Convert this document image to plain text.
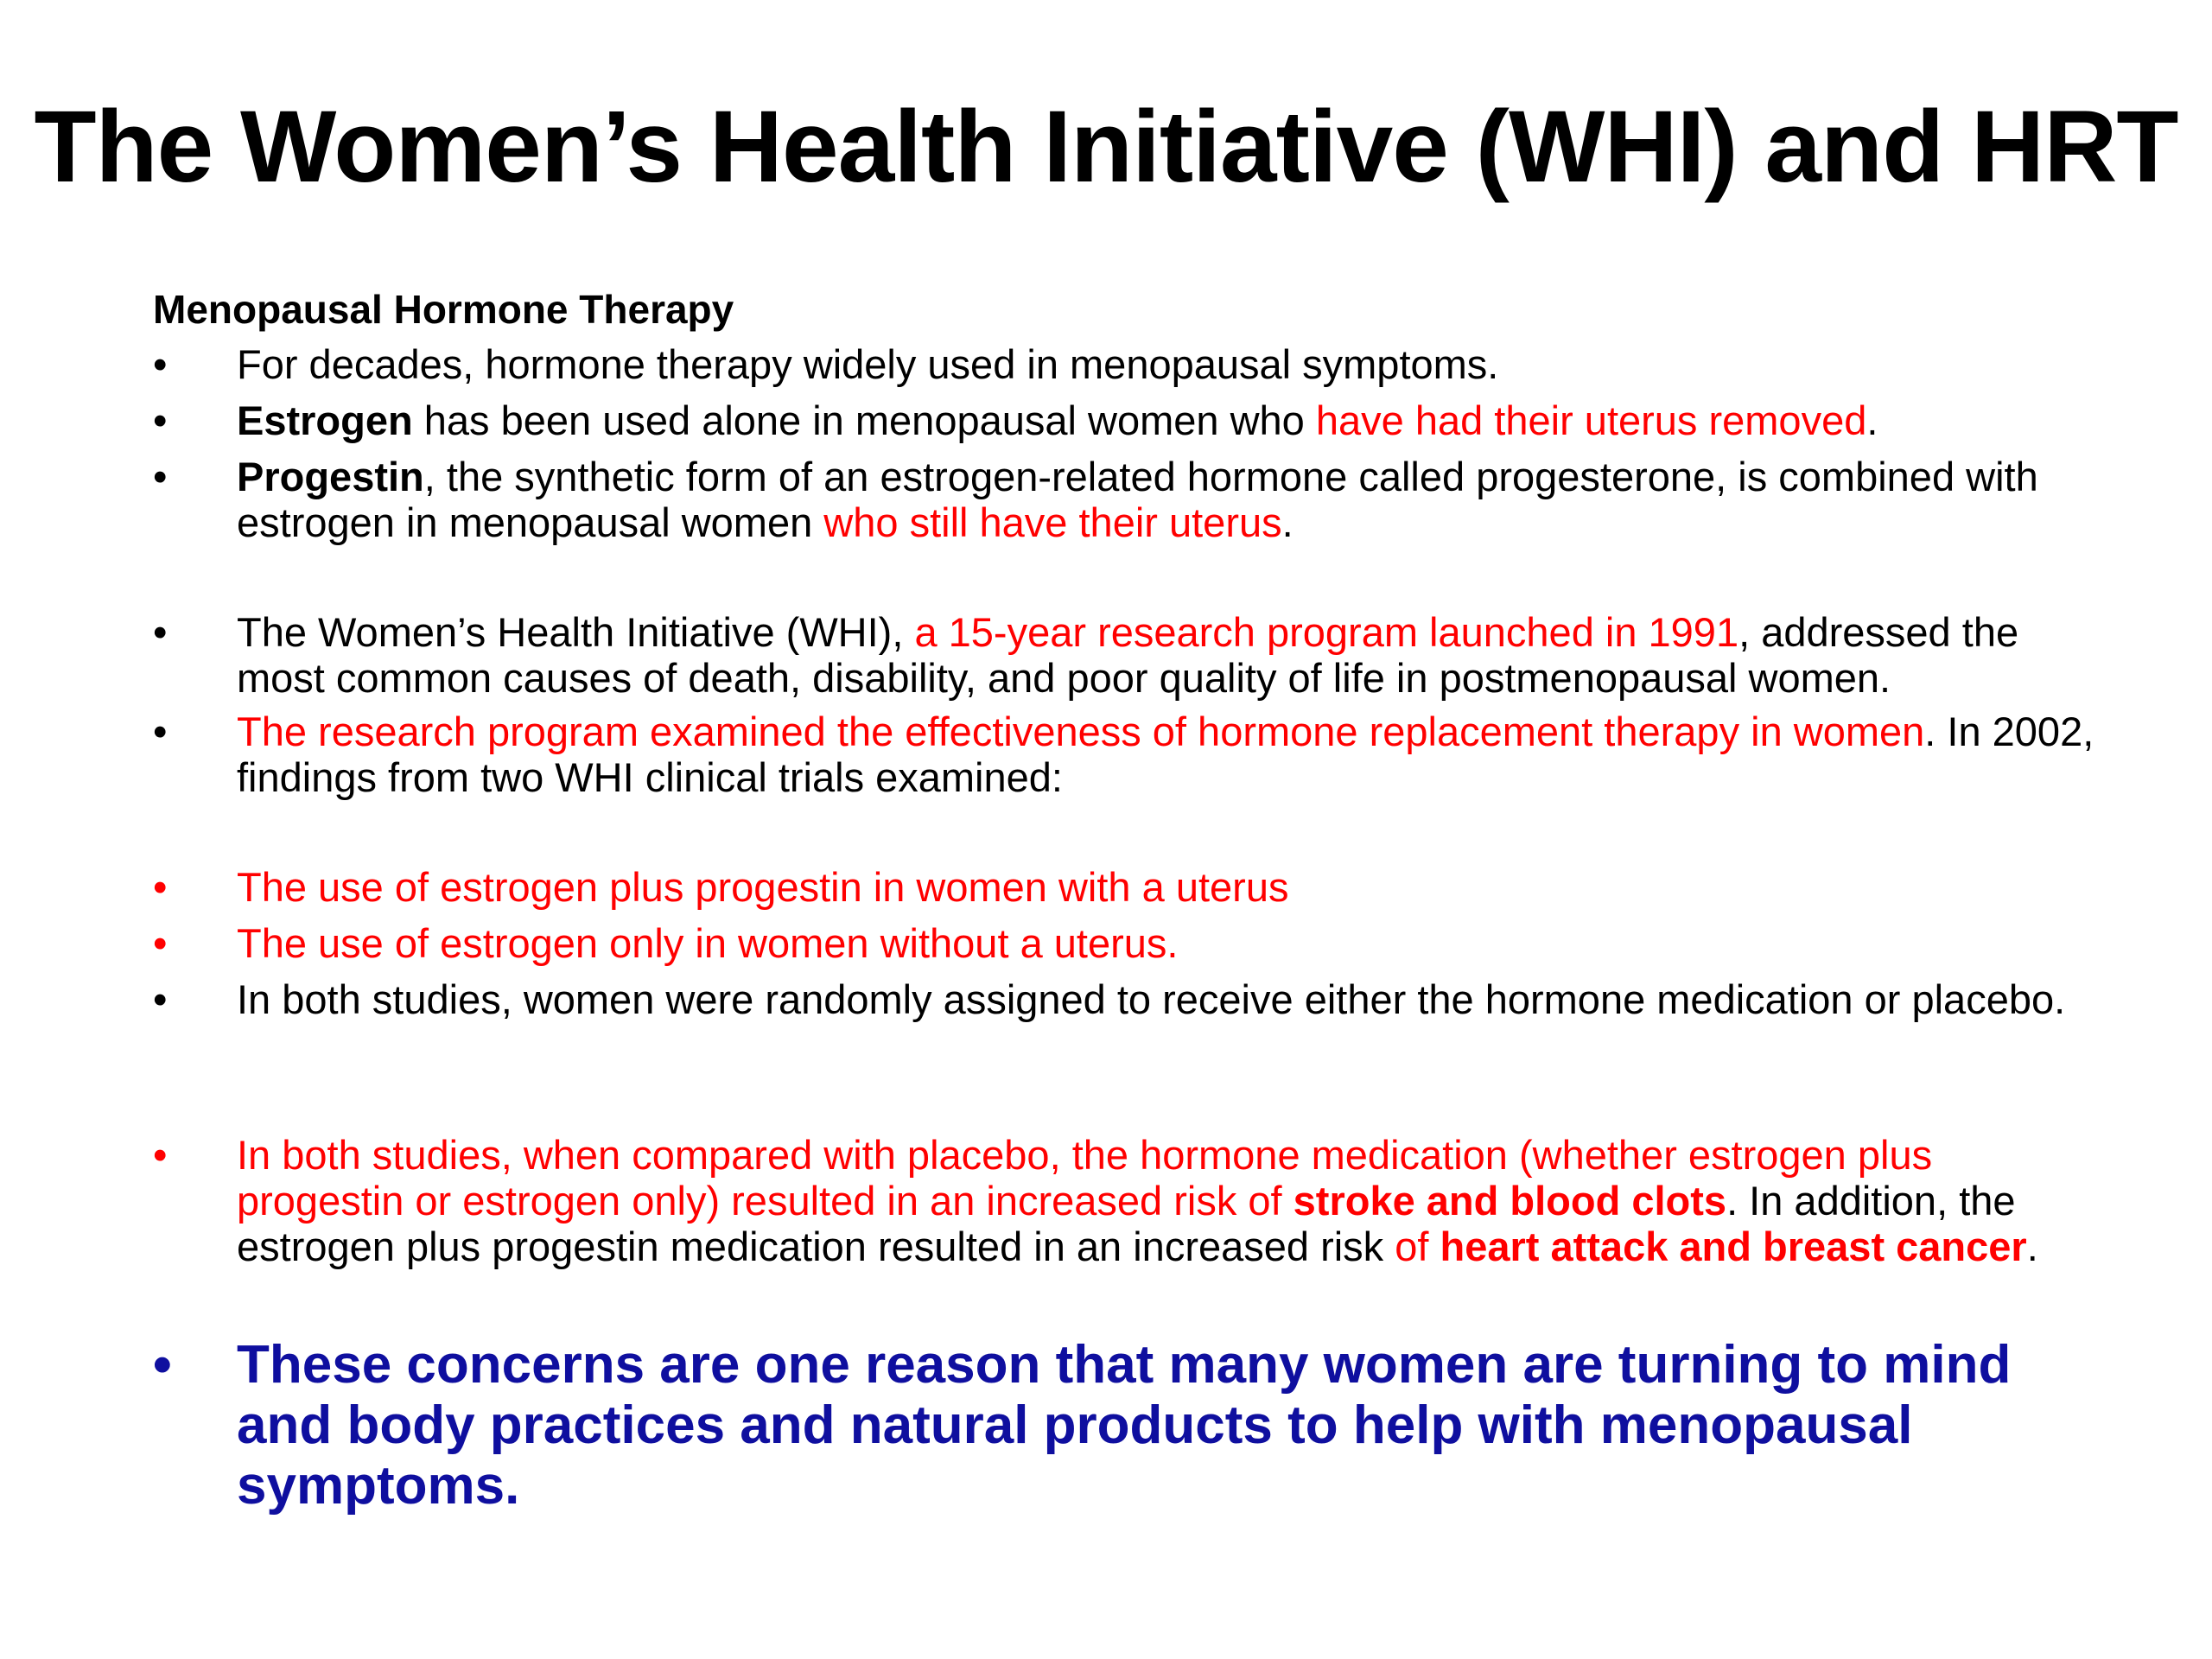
The Women’s Health Initiative (WHI) and HRT
Menopausal Hormone Therapy
•	For decades, hormone therapy widely used in menopausal symptoms.
•	Estrogen has been used alone in menopausal women who have had their uterus removed.
•	Progestin, the synthetic form of an estrogen-related hormone called progesterone, is combined with estrogen in menopausal women who still have their uterus.
•	The Women’s Health Initiative (WHI), a 15-year research program launched in 1991, addressed the most common causes of death, disability, and poor quality of life in postmenopausal women.
•	The research program examined the effectiveness of hormone replacement therapy in women. In 2002, findings from two WHI clinical trials examined:
•	The use of estrogen plus progestin in women with a uterus
•	The use of estrogen only in women without a uterus.
•	In both studies, women were randomly assigned to receive either the hormone medication or placebo.
•	In both studies, when compared with placebo, the hormone medication (whether estrogen plus progestin or estrogen only) resulted in an increased risk of stroke and blood clots. In addition, the estrogen plus progestin medication resulted in an increased risk of heart attack and breast cancer.
•	These concerns are one reason that many women are turning to mind and body practices and natural products to help with menopausal symptoms.
